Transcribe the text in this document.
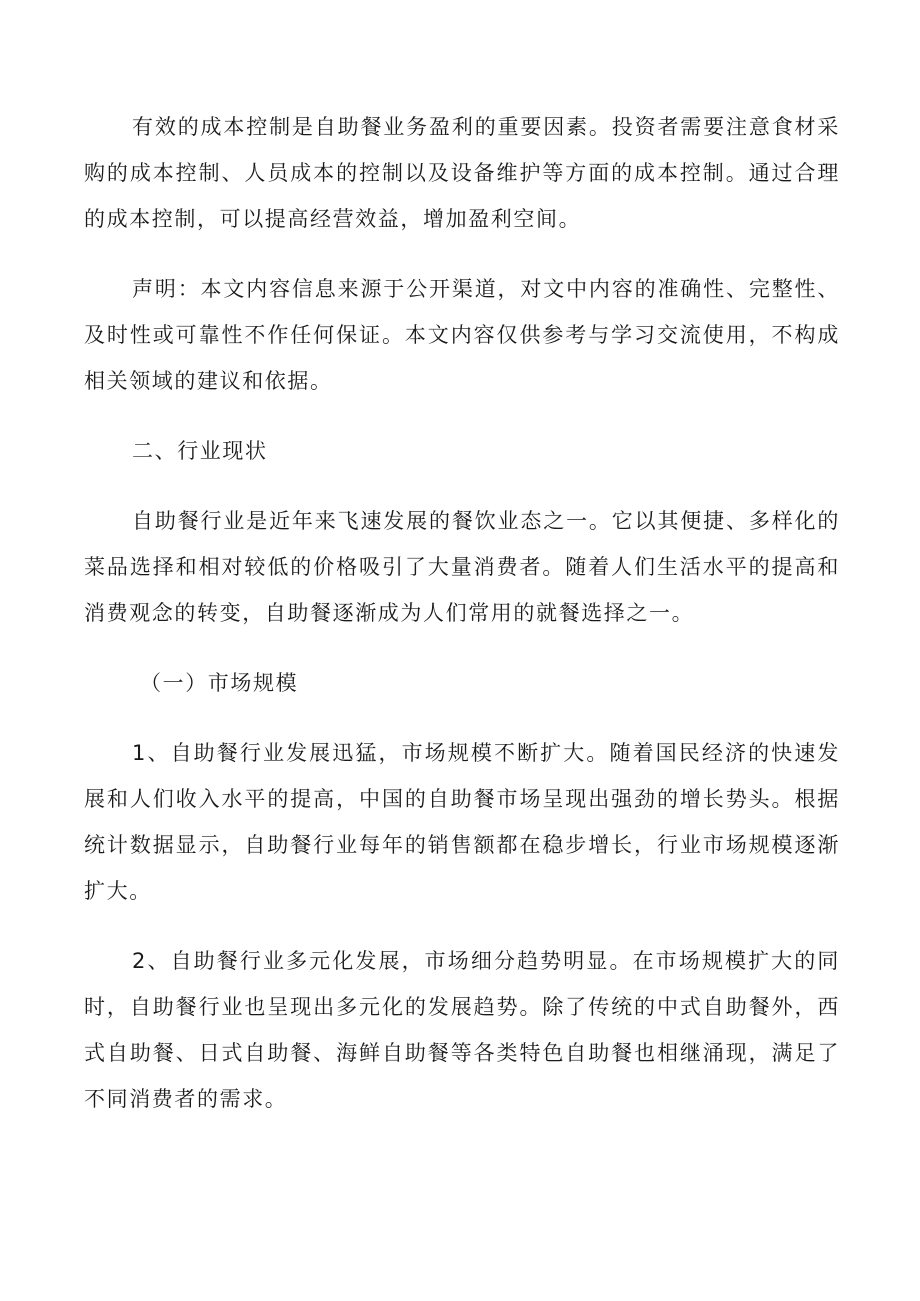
有效的成本控制是自助餐业务盈利的重要因素。投资者需要注意食材采购的成本控制、人员成本的控制以及设备维护等方面的成本控制。通过合理的成本控制，可以提高经营效益，增加盈利空间。

声明：本文内容信息来源于公开渠道，对文中内容的准确性、完整性、及时性或可靠性不作任何保证。本文内容仅供参考与学习交流使用，不构成相关领域的建议和依据。

二、行业现状

自助餐行业是近年来飞速发展的餐饮业态之一。它以其便捷、多样化的菜品选择和相对较低的价格吸引了大量消费者。随着人们生活水平的提高和消费观念的转变，自助餐逐渐成为人们常用的就餐选择之一。

（一）市场规模

1、自助餐行业发展迅猛，市场规模不断扩大。随着国民经济的快速发展和人们收入水平的提高，中国的自助餐市场呈现出强劲的增长势头。根据统计数据显示，自助餐行业每年的销售额都在稳步增长，行业市场规模逐渐扩大。

2、自助餐行业多元化发展，市场细分趋势明显。在市场规模扩大的同时，自助餐行业也呈现出多元化的发展趋势。除了传统的中式自助餐外，西式自助餐、日式自助餐、海鲜自助餐等各类特色自助餐也相继涌现，满足了不同消费者的需求。
